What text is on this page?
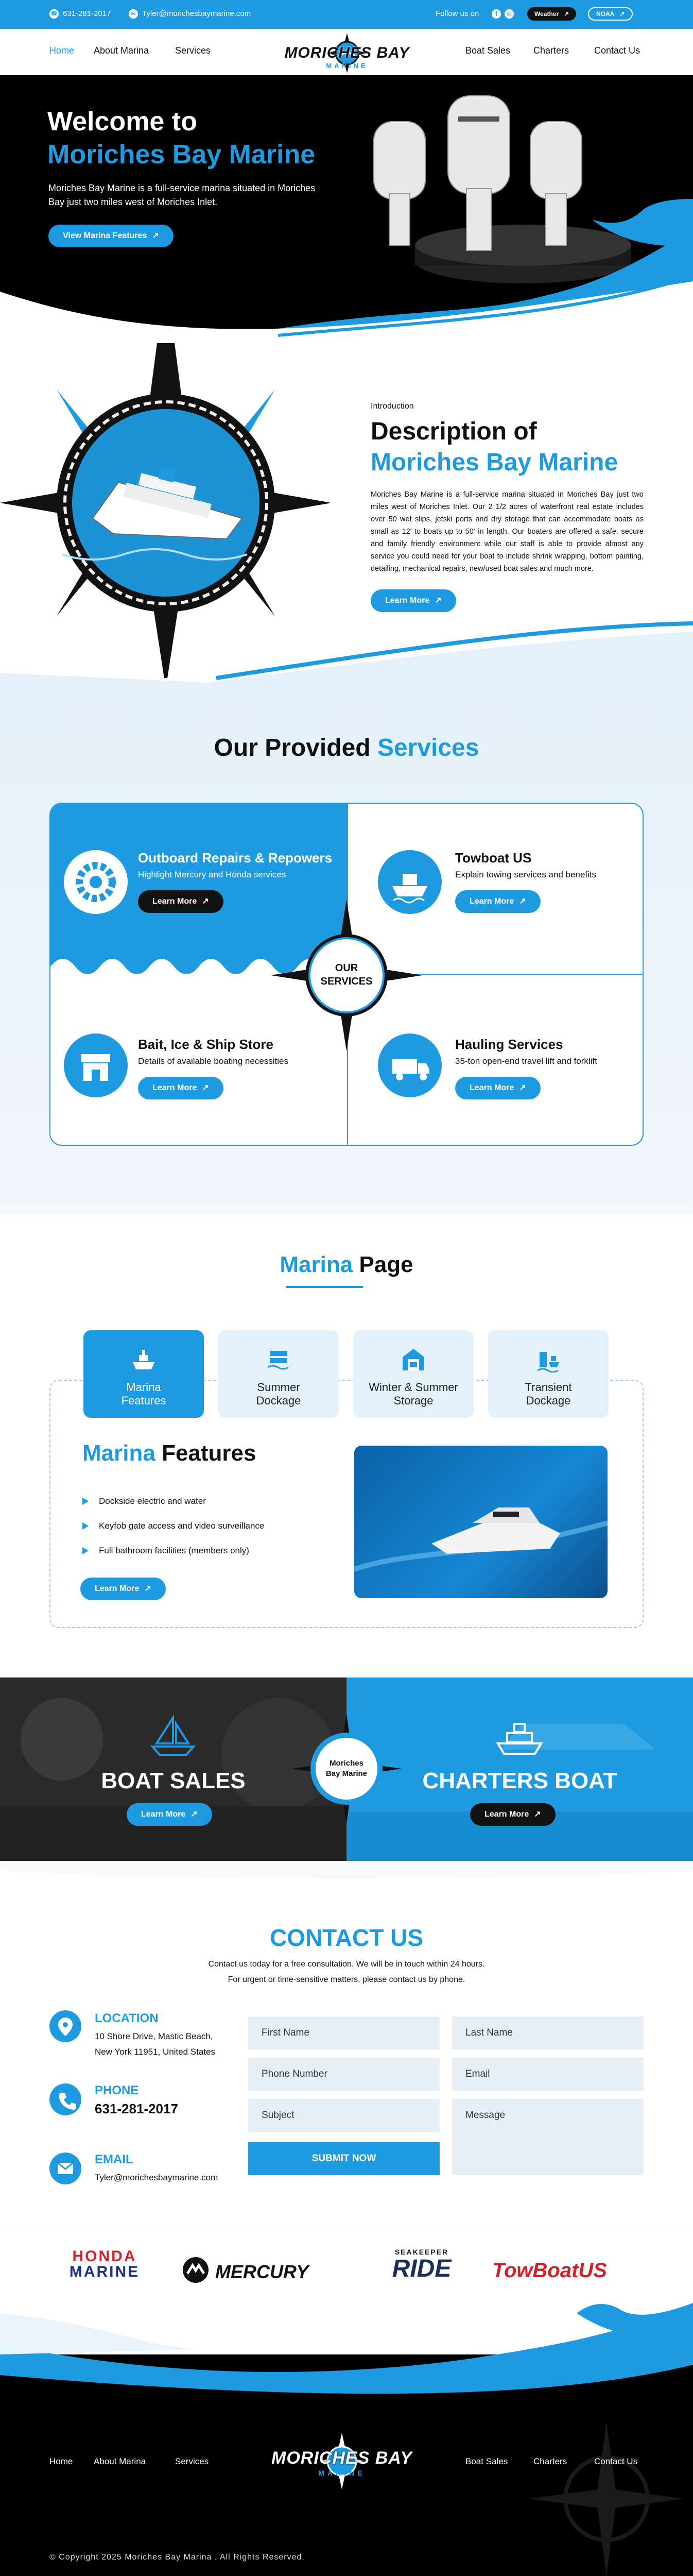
☎ 631-281-2017	✉ Tyler@morichesbaymarine.com	Follow us on	f	◎	Weather ↗	NOAA ↗
Home About Marina	Services	MORICHES BAY
MARINE
Boat Sales Charters	Contact Us
Welcome to
Moriches Bay Marine
Moriches Bay Marine is a full-service marina situated in Moriches Bay just two miles west of Moriches Inlet.
View Marina Features ↗
Introduction
Description of
Moriches Bay Marine
Moriches Bay Marine is a full-service marina situated in Moriches Bay just two miles west of Moriches Inlet. Our 2 1/2 acres of waterfront real estate includes over 50 wet slips, jetski ports and dry storage that can accommodate boats as small as 12' to boats up to 50' in length. Our boaters are offered a safe, secure and family friendly environment while our staff is able to provide almost any service you could need for your boat to include shrink wrapping, bottom painting, detailing, mechanical repairs, new/used boat sales and much more.
Learn More ↗
Our Provided Services
Outboard Repairs & Repowers
Highlight Mercury and Honda services
Learn More ↗
Towboat US
Explain towing services and benefits
Learn More ↗
Bait, Ice & Ship Store
Details of available boating necessities
Learn More ↗
Hauling Services
35-ton open-end travel lift and forklift
Learn More ↗
OUR
SERVICES
Marina Page
Marina
Features
Summer
Dockage
Winter & Summer
Storage
Transient
Dockage
Marina Features
Dockside electric and water
Keyfob gate access and video surveillance
Full bathroom facilities (members only)
Learn More ↗
BOAT SALES
Learn More ↗
CHARTERS BOAT
Learn More ↗
Moriches
Bay Marine
CONTACT US
Contact us today for a free consultation. We will be in touch within 24 hours.
For urgent or time-sensitive matters, please contact us by phone.
LOCATION
10 Shore Drive, Mastic Beach,
New York 11951, United States
PHONE
631-281-2017
EMAIL
Tyler@morichesbaymarine.com
First Name	Last Name
Phone Number	Email
Subject	Message
SUBMIT NOW
HONDA
MARINE	MERCURY
SEAKEEPER
RIDE	TowBoatUS
Home About Marina	Services	MORICHES BAY
MARINE
Boat Sales	Charters	Contact Us
© Copyright 2025 Moriches Bay Marina . All Rights Reserved.
